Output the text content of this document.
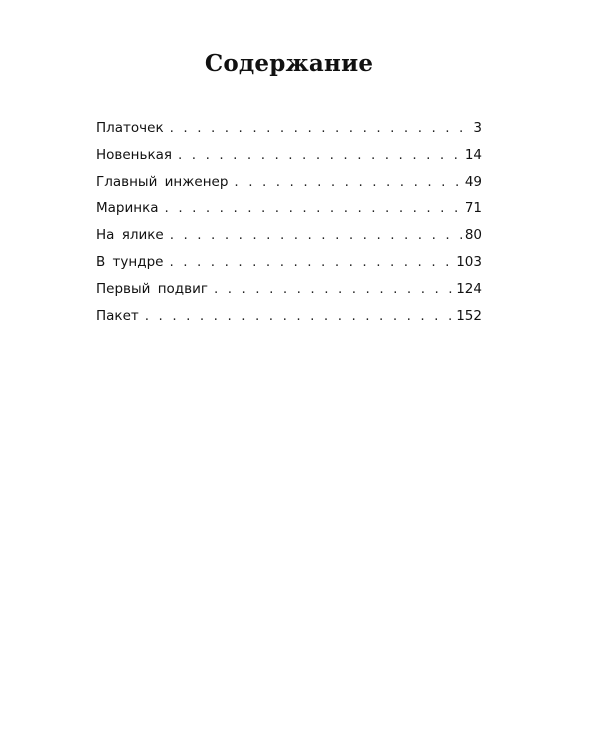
Содержание
Платочек . . .	3
Новенькая . . .	14
Главный инженер . . .	49
Маринка . . .	71
На ялике . . .	80
В тундре . . .	103
Первый подвиг . . .	124
Пакет . . .	152
